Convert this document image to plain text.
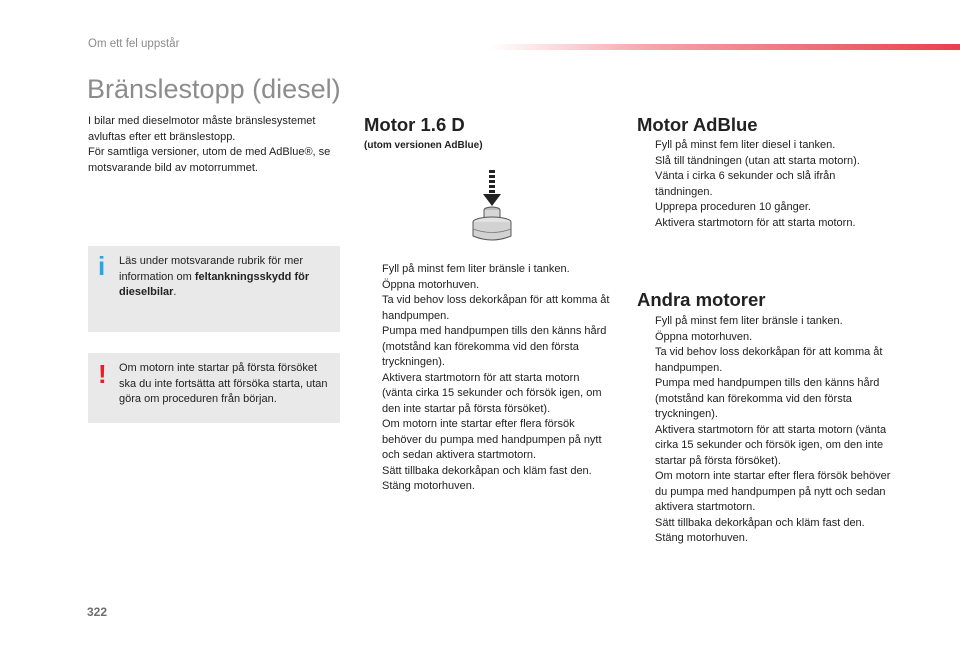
Om ett fel uppstår
Bränslestopp (diesel)

I bilar med dieselmotor måste bränslesystemet avluftas efter ett bränslestopp.

För samtliga versioner, utom de med AdBlue®, se motsvarande bild av motorrummet.

i Läs under motsvarande rubrik för mer information om feltankningsskydd för dieselbilar.
! Om motorn inte startar på första försöket ska du inte fortsätta att försöka starta, utan göra om proceduren från början.
Motor 1.6 D
(utom versionen AdBlue)
Fyll på minst fem liter bränsle i tanken.
Öppna motorhuven.
Ta vid behov loss dekorkåpan för att komma åt handpumpen.
Pumpa med handpumpen tills den känns hård (motstånd kan förekomma vid den första tryckningen).
Aktivera startmotorn för att starta motorn (vänta cirka 15 sekunder och försök igen, om den inte startar på första försöket).
Om motorn inte startar efter flera försök behöver du pumpa med handpumpen på nytt och sedan aktivera startmotorn.
Sätt tillbaka dekorkåpan och kläm fast den.
Stäng motorhuven.
Motor AdBlue
Fyll på minst fem liter diesel i tanken.
Slå till tändningen (utan att starta motorn).
Vänta i cirka 6 sekunder och slå ifrån tändningen.
Upprepa proceduren 10 gånger.
Aktivera startmotorn för att starta motorn.
Andra motorer
Fyll på minst fem liter bränsle i tanken.
Öppna motorhuven.
Ta vid behov loss dekorkåpan för att komma åt handpumpen.
Pumpa med handpumpen tills den känns hård (motstånd kan förekomma vid den första tryckningen).
Aktivera startmotorn för att starta motorn (vänta cirka 15 sekunder och försök igen, om den inte startar på första försöket).
Om motorn inte startar efter flera försök behöver du pumpa med handpumpen på nytt och sedan aktivera startmotorn.
Sätt tillbaka dekorkåpan och kläm fast den.
Stäng motorhuven.
322
